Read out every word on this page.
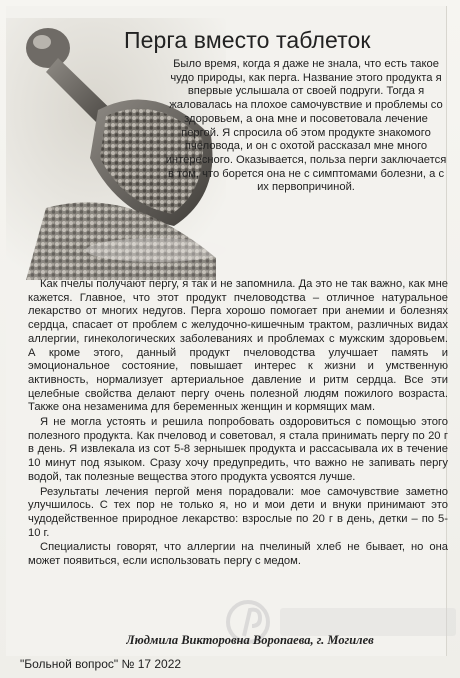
Перга вместо таблеток
Было время, когда я даже не знала, что есть такое чудо природы, как перга. Название этого продукта я впервые услышала от своей подруги. Тогда я жаловалась на плохое самочувствие и проблемы со здоровьем, а она мне и посоветовала лечение пергой. Я спросила об этом продукте знакомого пчеловода, и он с охотой рассказал мне много интересного. Оказывается, польза перги заключается в том, что борется она не с симптомами болезни, а с их первопричиной.

Как пчелы получают пергу, я так и не запомнила. Да это не так важно, как мне кажется. Главное, что этот продукт пчеловодства – отличное натуральное лекарство от многих недугов. Перга хорошо помогает при анемии и болезнях сердца, спасает от проблем с желудочно-кишечным трактом, различных видах аллергии, гинекологических заболеваниях и проблемах с мужским здоровьем. А кроме этого, данный продукт пчеловодства улучшает память и эмоциональное состояние, повышает интерес к жизни и умственную активность, нормализует артериальное давление и ритм сердца. Все эти целебные свойства делают пергу очень полезной людям пожилого возраста. Также она незаменима для беременных женщин и кормящих мам.

Я не могла устоять и решила попробовать оздоровиться с помощью этого полезного продукта. Как пчеловод и советовал, я стала принимать пергу по 20 г в день. Я извлекала из сот 5-8 зернышек продукта и рассасывала их в течение 10 минут под языком. Сразу хочу предупредить, что важно не запивать пергу водой, так полезные вещества этого продукта усвоятся лучше.

Результаты лечения пергой меня порадовали: мое самочувствие заметно улучшилось. С тех пор не только я, но и мои дети и внуки принимают это чудодейственное природное лекарство: взрослые по 20 г в день, детки – по 5-10 г.

Специалисты говорят, что аллергии на пчелиный хлеб не бывает, но она может появиться, если использовать пергу с медом.

Людмила Викторовна Воропаева, г. Могилев
"Больной вопрос" № 17 2022
